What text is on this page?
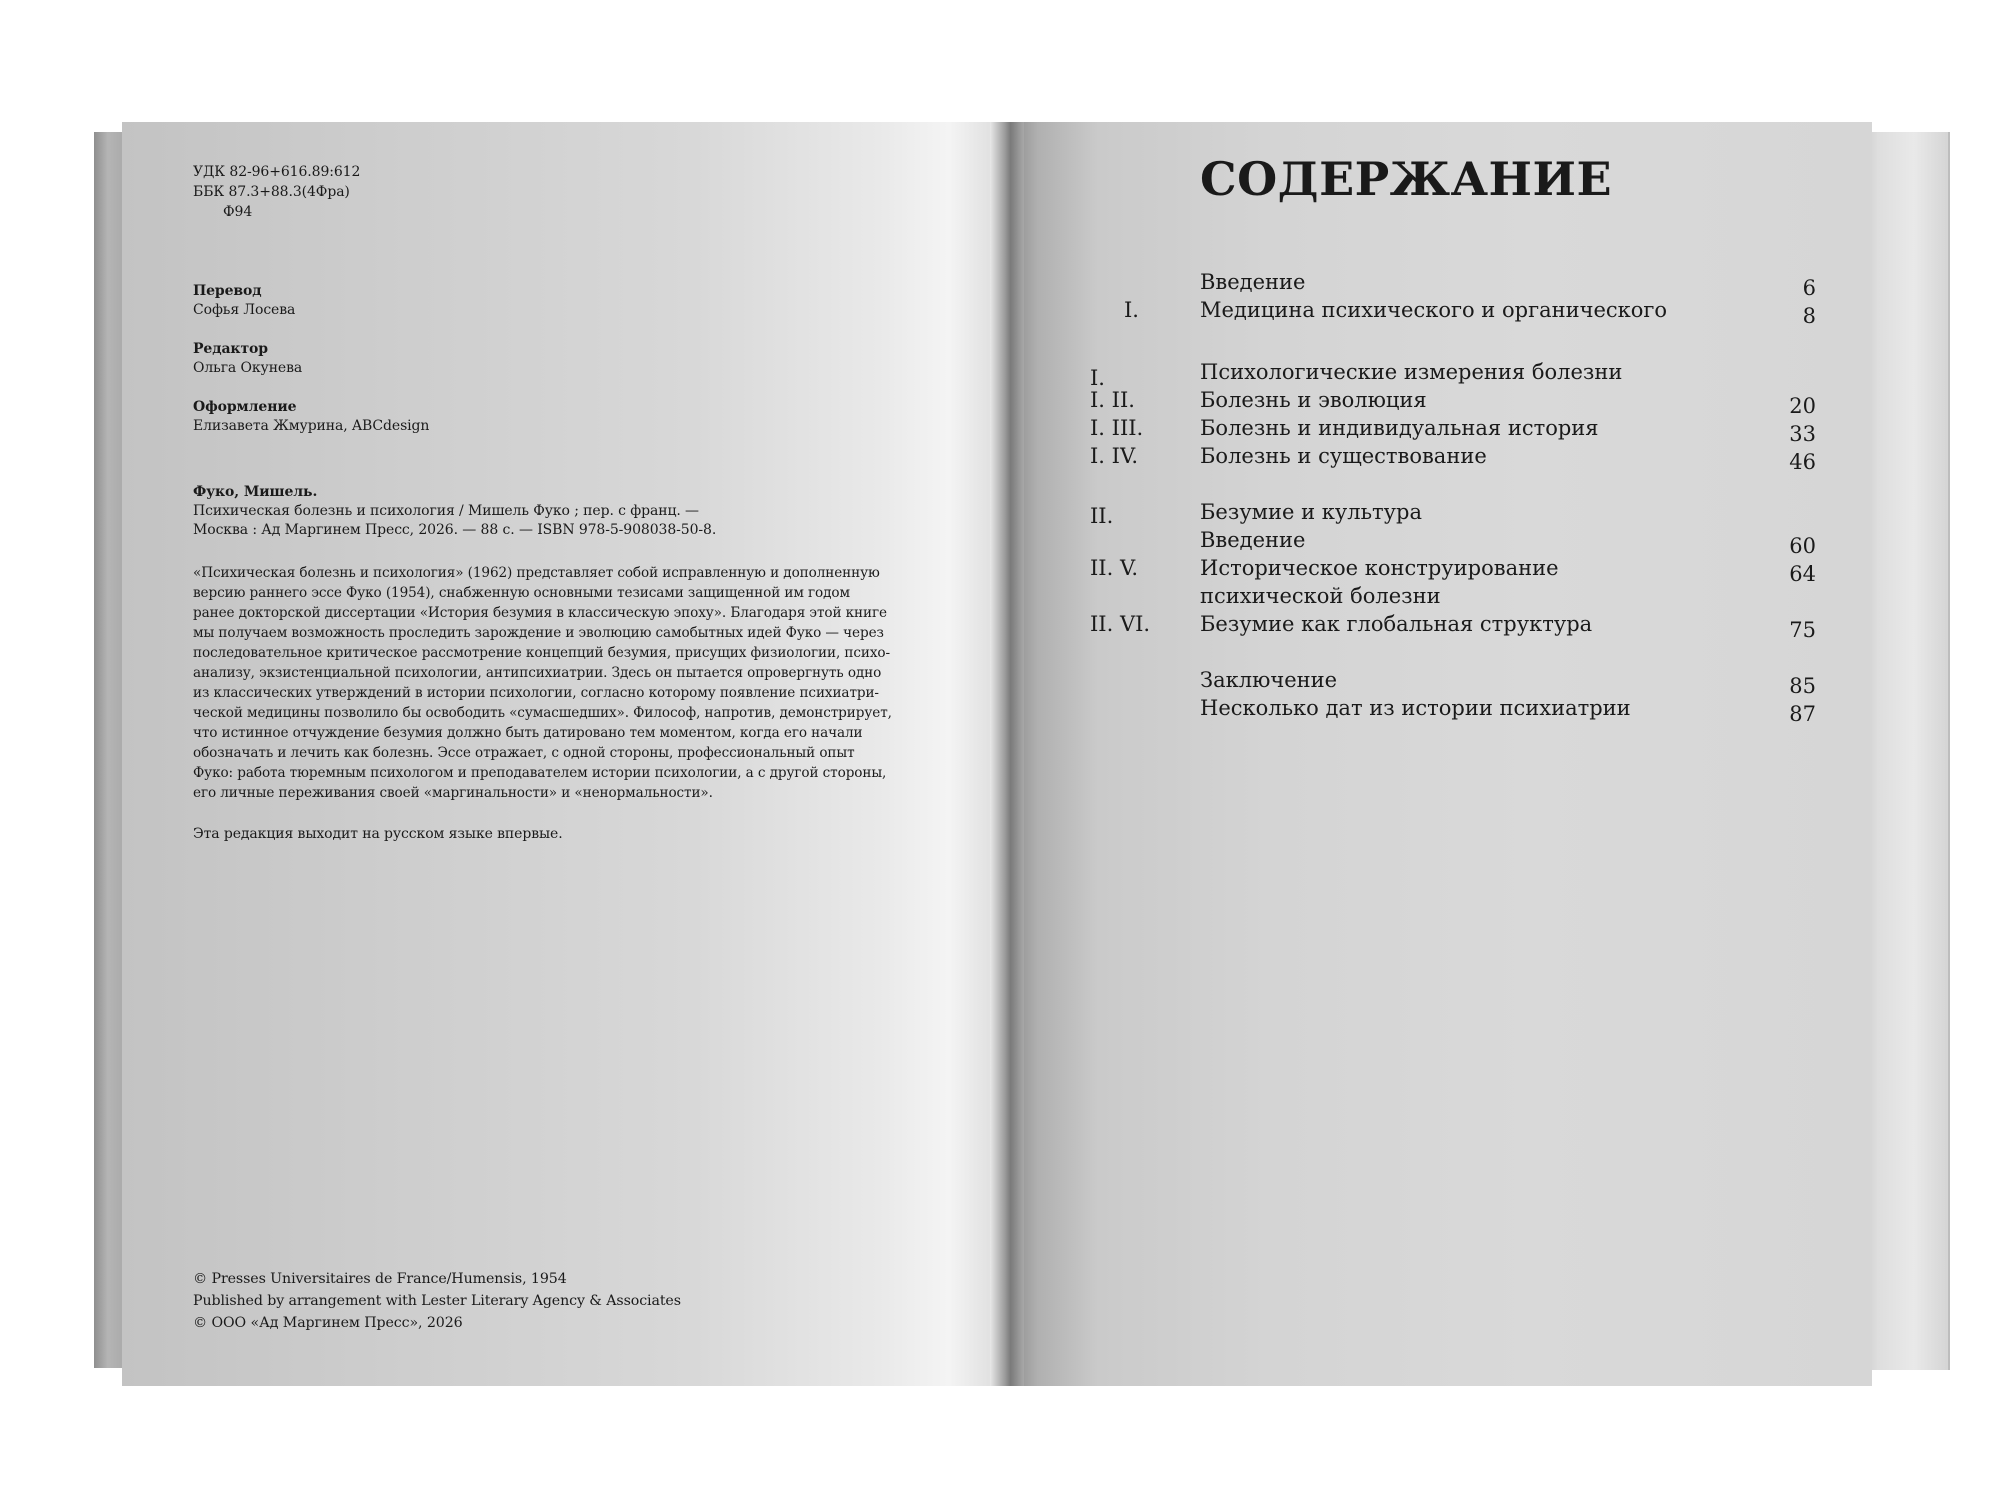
УДК 82-96+616.89:612
ББК 87.3+88.3(4Фра)
Ф94
Перевод
Софья Лосева
Редактор
Ольга Окунева
Оформление
Елизавета Жмурина, ABCdesign
Фуко, Мишель.
Психическая болезнь и психология / Мишель Фуко ; пер. с франц. —
Москва : Ад Маргинем Пресс, 2026. — 88 с. — ISBN 978-5-908038-50-8.
«Психическая болезнь и психология» (1962) представляет собой исправленную и дополненную
версию раннего эссе Фуко (1954), снабженную основными тезисами защищенной им годом
ранее докторской диссертации «История безумия в классическую эпоху». Благодаря этой книге
мы получаем возможность проследить зарождение и эволюцию самобытных идей Фуко — через
последовательное критическое рассмотрение концепций безумия, присущих физиологии, психо-
анализу, экзистенциальной психологии, антипсихиатрии. Здесь он пытается опровергнуть одно
из классических утверждений в истории психологии, согласно которому появление психиатри-
ческой медицины позволило бы освободить «сумасшедших». Философ, напротив, демонстрирует,
что истинное отчуждение безумия должно быть датировано тем моментом, когда его начали
обозначать и лечить как болезнь. Эссе отражает, с одной стороны, профессиональный опыт
Фуко: работа тюремным психологом и преподавателем истории психологии, а с другой стороны,
его личные переживания своей «маргинальности» и «ненормальности».
Эта редакция выходит на русском языке впервые.
© Presses Universitaires de France/Humensis, 1954
Published by arrangement with Lester Literary Agency & Associates
© ООО «Ад Маргинем Пресс», 2026
СОДЕРЖАНИЕ
Введение	6
I.	Медицина психического и органического	8
I.	Психологические измерения болезни
I. II.	Болезнь и эволюция	20
I. III.	Болезнь и индивидуальная история	33
I. IV.	Болезнь и существование	46
II.	Безумие и культура
Введение	60
II. V.	Историческое конструирование	64
психической болезни
II. VI. Безумие как глобальная структура	75
Заключение	85
Несколько дат из истории психиатрии	87
